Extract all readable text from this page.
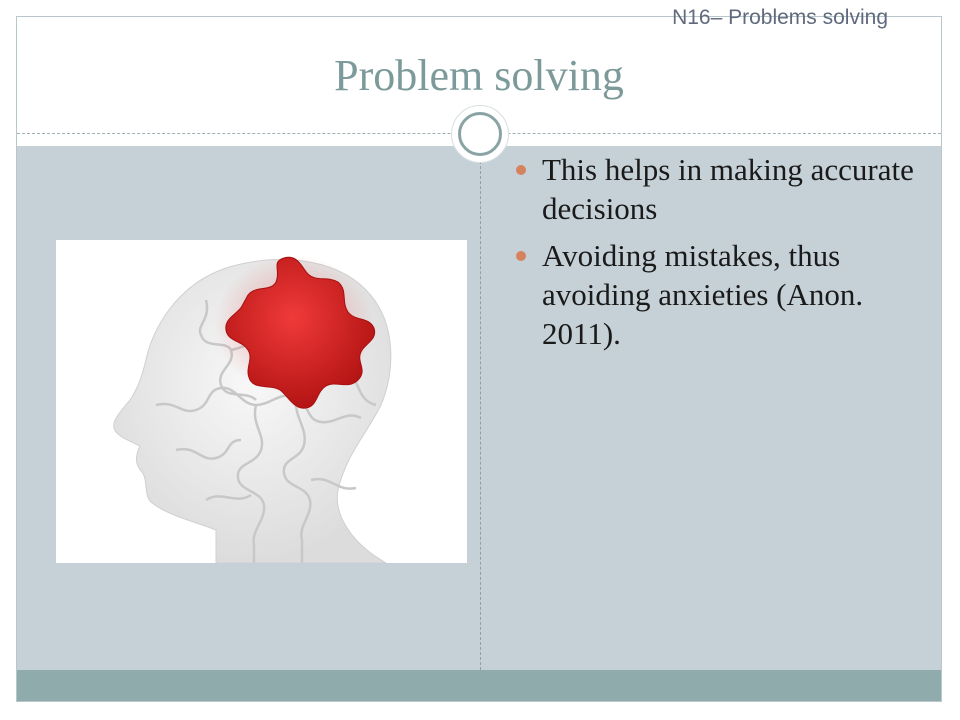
N16– Problems solving
Problem solving
This helps in making accurate decisions
Avoiding mistakes, thus avoiding anxieties (Anon. 2011).
